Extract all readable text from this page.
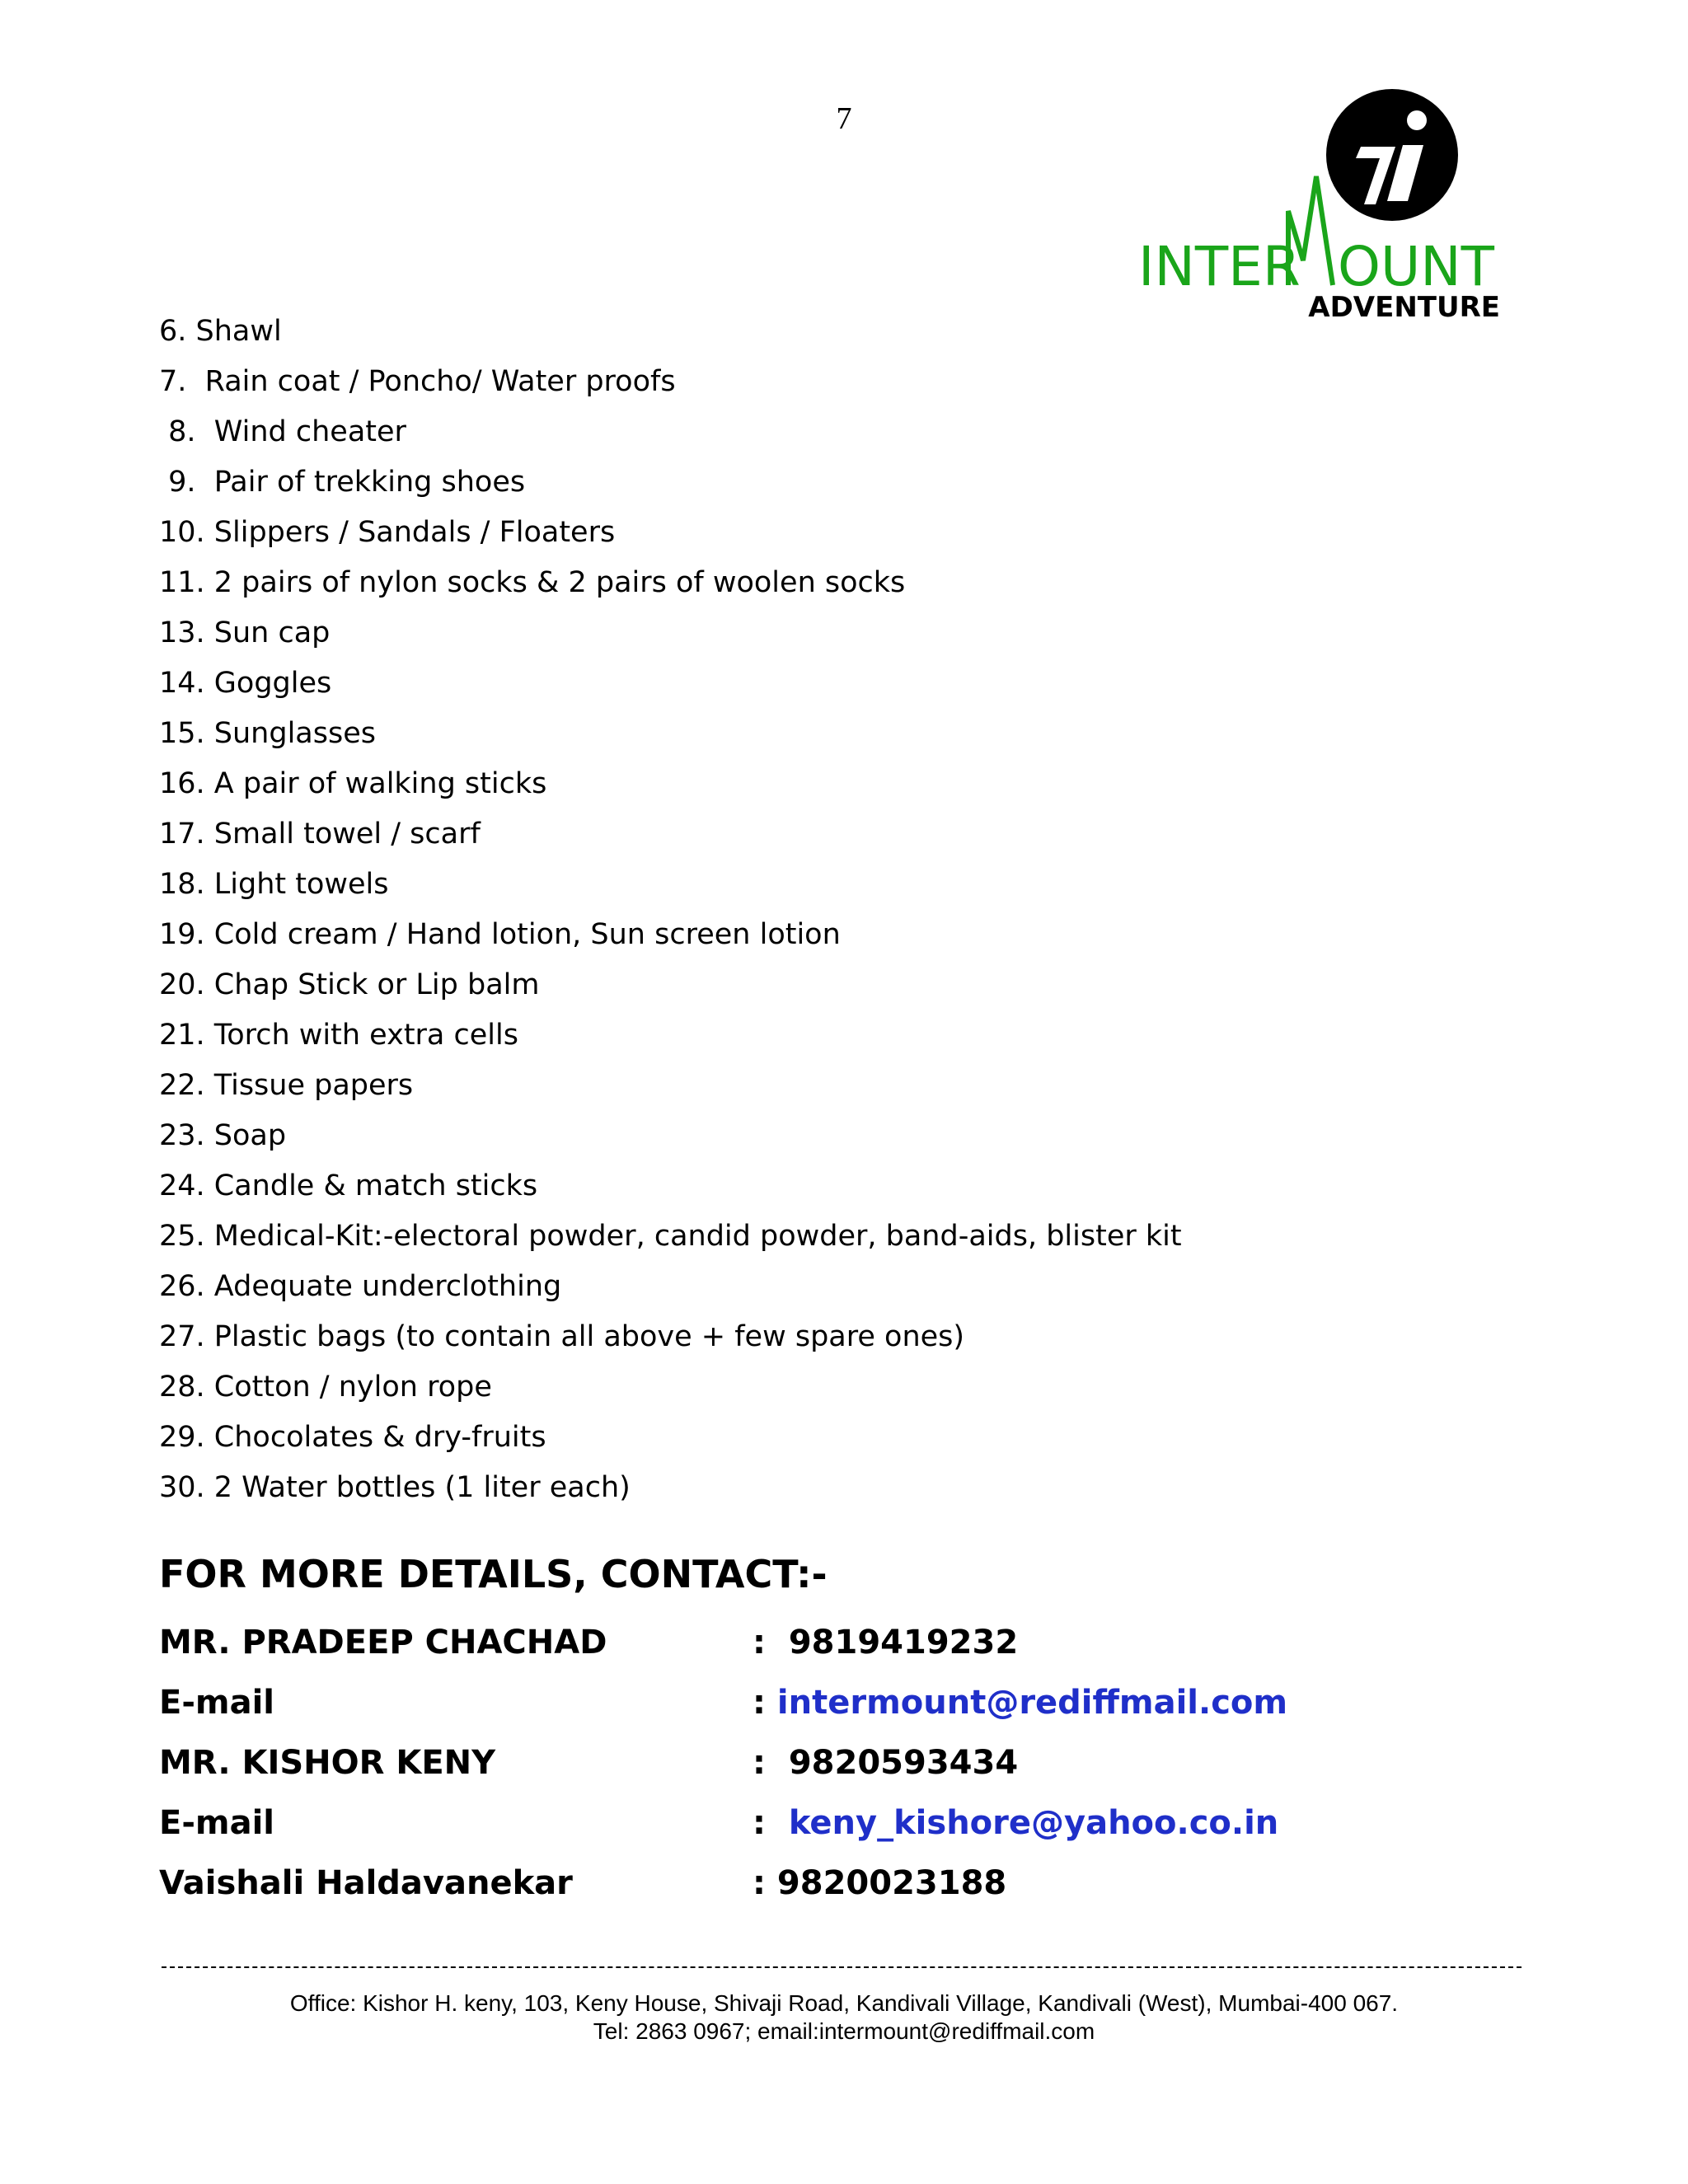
7
INTER OUNT
ADVENTURE
6. Shawl
7.  Rain coat / Poncho/ Water proofs
8.  Wind cheater
9.  Pair of trekking shoes
10. Slippers / Sandals / Floaters
11. 2 pairs of nylon socks & 2 pairs of woolen socks
13. Sun cap
14. Goggles
15. Sunglasses
16. A pair of walking sticks
17. Small towel / scarf
18. Light towels
19. Cold cream / Hand lotion, Sun screen lotion
20. Chap Stick or Lip balm
21. Torch with extra cells
22. Tissue papers
23. Soap
24. Candle & match sticks
25. Medical-Kit:-electoral powder, candid powder, band-aids, blister kit
26. Adequate underclothing
27. Plastic bags (to contain all above + few spare ones)
28. Cotton / nylon rope
29. Chocolates & dry-fruits
30. 2 Water bottles (1 liter each)
FOR MORE DETAILS, CONTACT:-
MR. PRADEEP CHACHAD	:  9819419232
E-mail	: intermount@rediffmail.com
MR. KISHOR KENY	:  9820593434
E-mail	:  keny_kishore@yahoo.co.in
Vaishali Haldavanekar	: 9820023188
Office: Kishor H. keny, 103, Keny House, Shivaji Road, Kandivali Village, Kandivali (West), Mumbai-400 067.
Tel: 2863 0967; email:intermount@rediffmail.com
